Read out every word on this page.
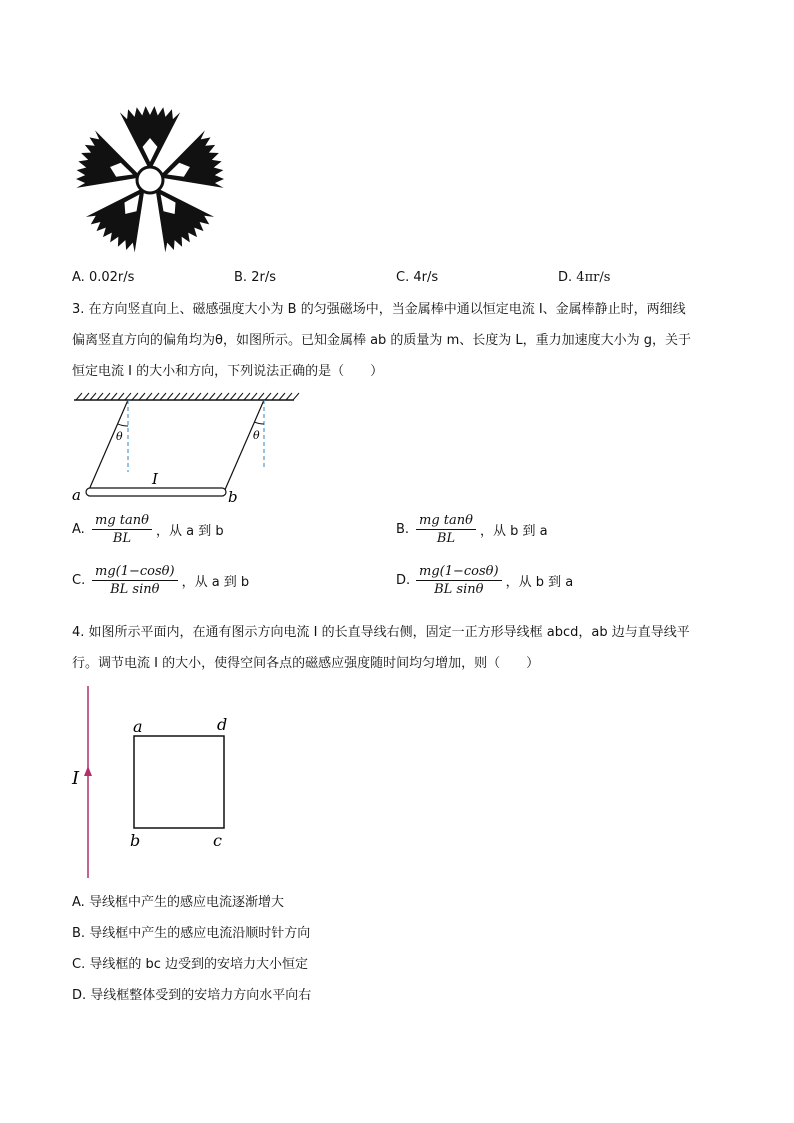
A. 0.02r/s	B. 2r/s	C. 4r/s	D. 4πr/s
3. 在方向竖直向上、磁感强度大小为 B 的匀强磁场中，当金属棒中通以恒定电流 I、金属棒静止时，两细线
偏离竖直方向的偏角均为θ，如图所示。已知金属棒 ab 的质量为 m、长度为 L，重力加速度大小为 g，关于
恒定电流 I 的大小和方向，下列说法正确的是（　　）
θ	θ
a	b
I
A. $\frac{\text{mg tanθ}}{BL}$ ，从 a 到 b	B. $\frac{\text{mg tanθ}}{BL}$ ，从 b 到 a
C. $\frac{mg(1-\cos\theta)}{\text{BL sinθ}}$ ，从 a 到 b	D. $\frac{mg(1-\cos\theta)}{\text{BL sinθ}}$ ，从 b 到 a
4. 如图所示平面内，在通有图示方向电流 I 的长直导线右侧，固定一正方形导线框 abcd，ab 边与直导线平
行。调节电流 I 的大小，使得空间各点的磁感应强度随时间均匀增加，则（　　）
I
a	d
b	c
A. 导线框中产生的感应电流逐渐增大
B. 导线框中产生的感应电流沿顺时针方向
C. 导线框的 bc 边受到的安培力大小恒定
D. 导线框整体受到的安培力方向水平向右
